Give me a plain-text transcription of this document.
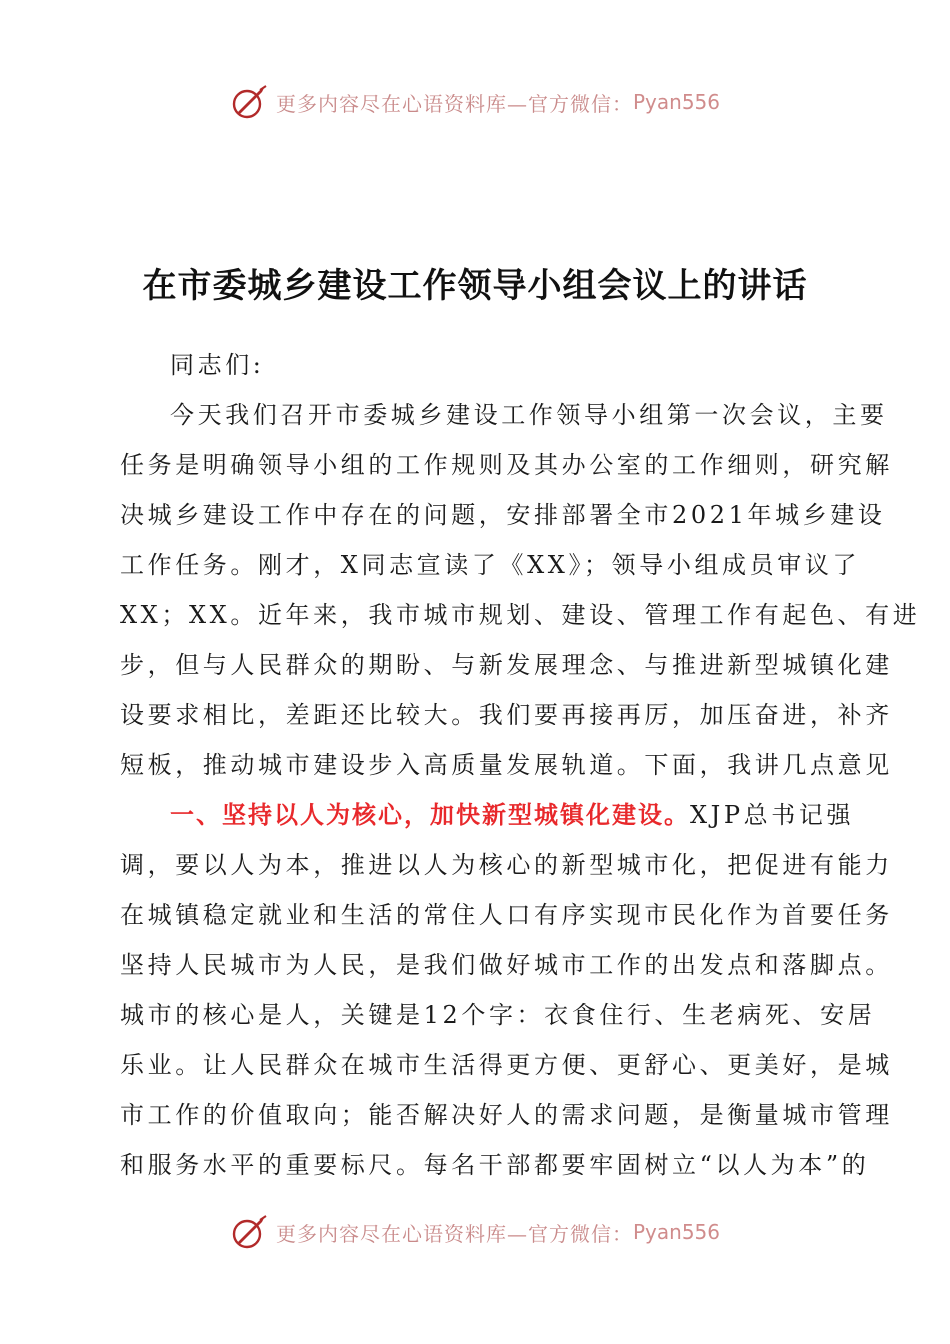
更多内容尽在心语资料库—官方微信： Pyan556
在市委城乡建设工作领导小组会议上的讲话
同志们:
今天我们召开市委城乡建设工作领导小组第一次会议，主要
任务是明确领导小组的工作规则及其办公室的工作细则，研究解
决城乡建设工作中存在的问题，安排部署全市2021年城乡建设
工作任务。刚才，X同志宣读了《XX》；领导小组成员审议了
XX；XX。近年来，我市城市规划、建设、管理工作有起色、有进
步，但与人民群众的期盼、与新发展理念、与推进新型城镇化建
设要求相比，差距还比较大。我们要再接再厉，加压奋进，补齐
短板，推动城市建设步入高质量发展轨道。下面，我讲几点意见
一、坚持以人为核心，加快新型城镇化建设。XJP总书记强
调，要以人为本，推进以人为核心的新型城市化，把促进有能力
在城镇稳定就业和生活的常住人口有序实现市民化作为首要任务
坚持人民城市为人民，是我们做好城市工作的出发点和落脚点。
城市的核心是人，关键是12个字：衣食住行、生老病死、安居
乐业。让人民群众在城市生活得更方便、更舒心、更美好，是城
市工作的价值取向；能否解决好人的需求问题，是衡量城市管理
和服务水平的重要标尺。每名干部都要牢固树立“以人为本”的
更多内容尽在心语资料库—官方微信： Pyan556
